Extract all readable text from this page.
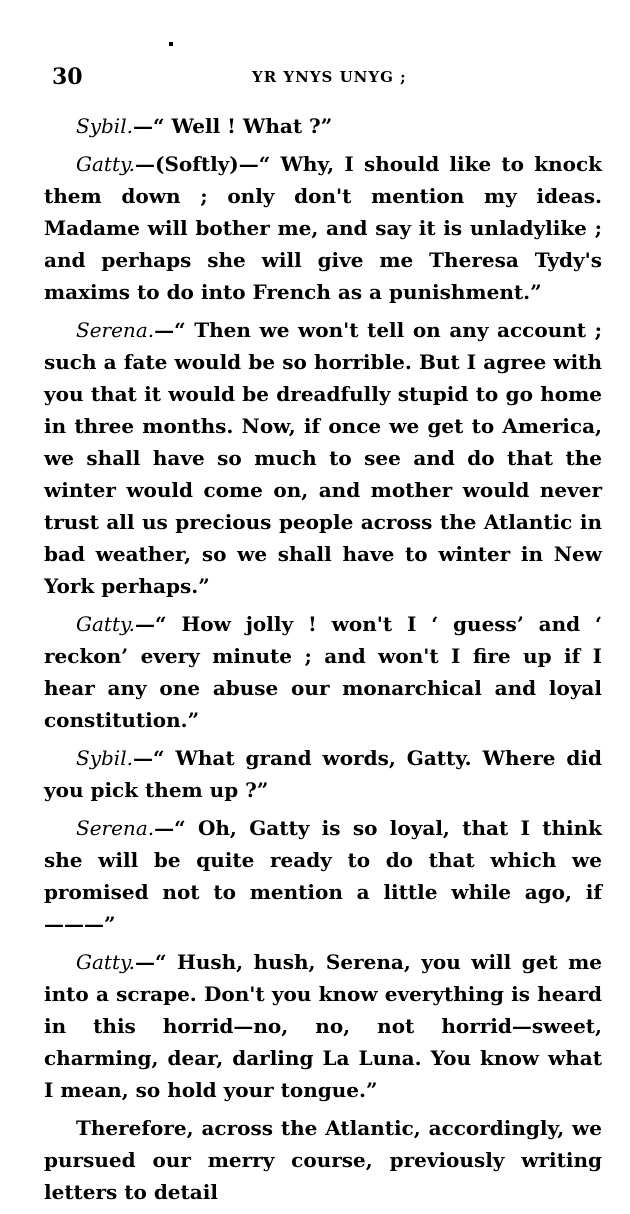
30	YR YNYS UNYG ;

Sybil.—“ Well ! What ?”

Gatty.—(Softly)—“ Why, I should like to knock them down ; only don't mention my ideas. Madame will bother me, and say it is unladylike ; and perhaps she will give me Theresa Tydy's maxims to do into French as a punishment.”

Serena.—“ Then we won't tell on any account ; such a fate would be so horrible. But I agree with you that it would be dreadfully stupid to go home in three months. Now, if once we get to America, we shall have so much to see and do that the winter would come on, and mother would never trust all us precious people across the Atlantic in bad weather, so we shall have to winter in New York perhaps.”

Gatty.—“ How jolly ! won't I ‘ guess’ and ‘ reckon’ every minute ; and won't I fire up if I hear any one abuse our monarchical and loyal constitution.”

Sybil.—“ What grand words, Gatty. Where did you pick them up ?”

Serena.—“ Oh, Gatty is so loyal, that I think she will be quite ready to do that which we promised not to mention a little while ago, if———”

Gatty.—“ Hush, hush, Serena, you will get me into a scrape. Don't you know everything is heard in this horrid—no, no, not horrid—sweet, charming, dear, darling La Luna. You know what I mean, so hold your tongue.”

Therefore, across the Atlantic, accordingly, we pursued our merry course, previously writing letters to detail
